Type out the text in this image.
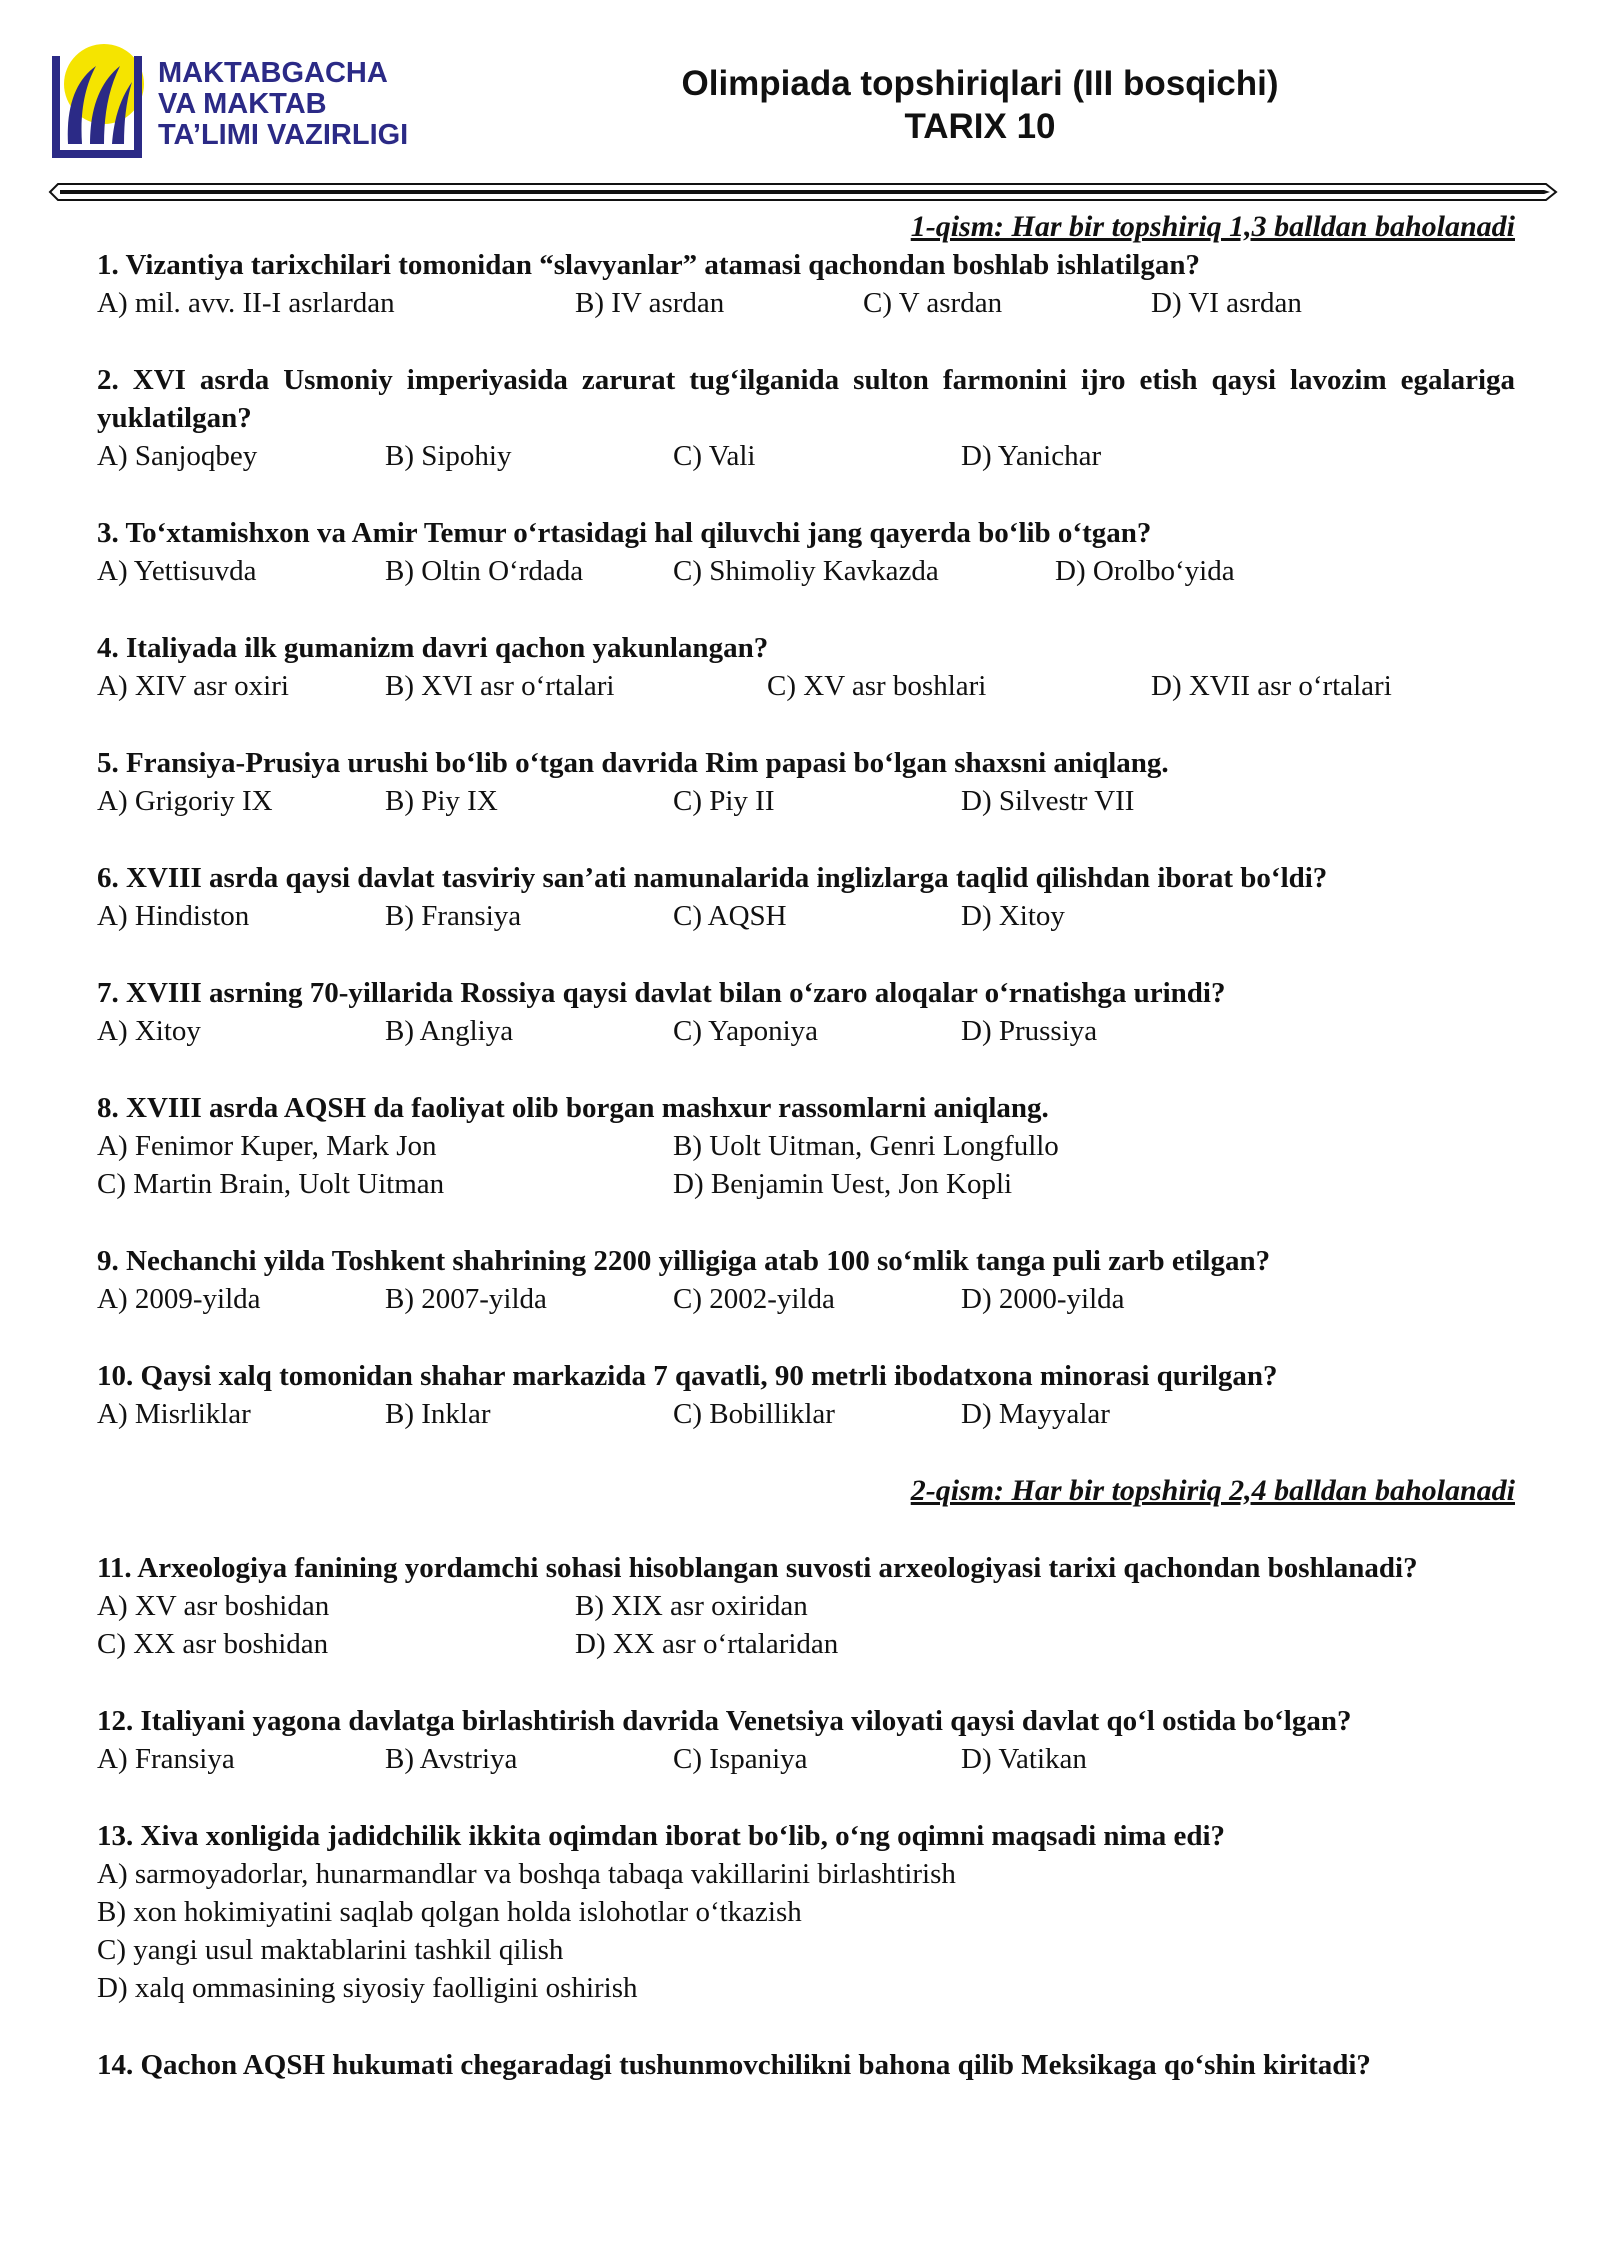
MAKTABGACHA
VA MAKTAB
TA’LIMI VAZIRLIGI
Olimpiada topshiriqlari (III bosqichi)
TARIX 10
1-qism: Har bir topshiriq 1,3 balldan baholanadi
1. Vizantiya tarixchilari tomonidan “slavyanlar” atamasi qachondan boshlab ishlatilgan?
A) mil. avv. II-I asrlardan	B) IV asrdan	C) V asrdan	D) VI asrdan
2. XVI asrda Usmoniy imperiyasida zarurat tug‘ilganida sulton farmonini ijro etish qaysi lavozim egalariga yuklatilgan?
A) Sanjoqbey	B) Sipohiy	C) Vali	D) Yanichar
3. To‘xtamishxon va Amir Temur o‘rtasidagi hal qiluvchi jang qayerda bo‘lib o‘tgan?
A) Yettisuvda	B) Oltin O‘rdada	C) Shimoliy Kavkazda	D) Orolbo‘yida
4. Italiyada ilk gumanizm davri qachon yakunlangan?
A) XIV asr oxiri	B) XVI asr o‘rtalari	C) XV asr boshlari	D) XVII asr o‘rtalari
5. Fransiya-Prusiya urushi bo‘lib o‘tgan davrida Rim papasi bo‘lgan shaxsni aniqlang.
A) Grigoriy IX	B) Piy IX	C) Piy II	D) Silvestr VII
6. XVIII asrda qaysi davlat tasviriy san’ati namunalarida inglizlarga taqlid qilishdan iborat bo‘ldi?
A) Hindiston	B) Fransiya	C) AQSH	D) Xitoy
7. XVIII asrning 70-yillarida Rossiya qaysi davlat bilan o‘zaro aloqalar o‘rnatishga urindi?
A) Xitoy	B) Angliya	C) Yaponiya	D) Prussiya
8. XVIII asrda AQSH da faoliyat olib borgan mashxur rassomlarni aniqlang.
A) Fenimor Kuper, Mark Jon	B) Uolt Uitman, Genri Longfullo
C) Martin Brain, Uolt Uitman	D) Benjamin Uest, Jon Kopli
9. Nechanchi yilda Toshkent shahrining 2200 yilligiga atab 100 so‘mlik tanga puli zarb etilgan?
A) 2009-yilda	B) 2007-yilda	C) 2002-yilda	D) 2000-yilda
10. Qaysi xalq tomonidan shahar markazida 7 qavatli, 90 metrli ibodatxona minorasi qurilgan?
A) Misrliklar	B) Inklar	C) Bobilliklar	D) Mayyalar
2-qism: Har bir topshiriq 2,4 balldan baholanadi
11. Arxeologiya fanining yordamchi sohasi hisoblangan suvosti arxeologiyasi tarixi qachondan boshlanadi?
A) XV asr boshidan	B) XIX asr oxiridan
C) XX asr boshidan	D) XX asr o‘rtalaridan
12. Italiyani yagona davlatga birlashtirish davrida Venetsiya viloyati qaysi davlat qo‘l ostida bo‘lgan?
A) Fransiya	B) Avstriya	C) Ispaniya	D) Vatikan
13. Xiva xonligida jadidchilik ikkita oqimdan iborat bo‘lib, o‘ng oqimni maqsadi nima edi?
A) sarmoyadorlar, hunarmandlar va boshqa tabaqa vakillarini birlashtirish
B) xon hokimiyatini saqlab qolgan holda islohotlar o‘tkazish
C) yangi usul maktablarini tashkil qilish
D) xalq ommasining siyosiy faolligini oshirish
14. Qachon AQSH hukumati chegaradagi tushunmovchilikni bahona qilib Meksikaga qo‘shin kiritadi?
